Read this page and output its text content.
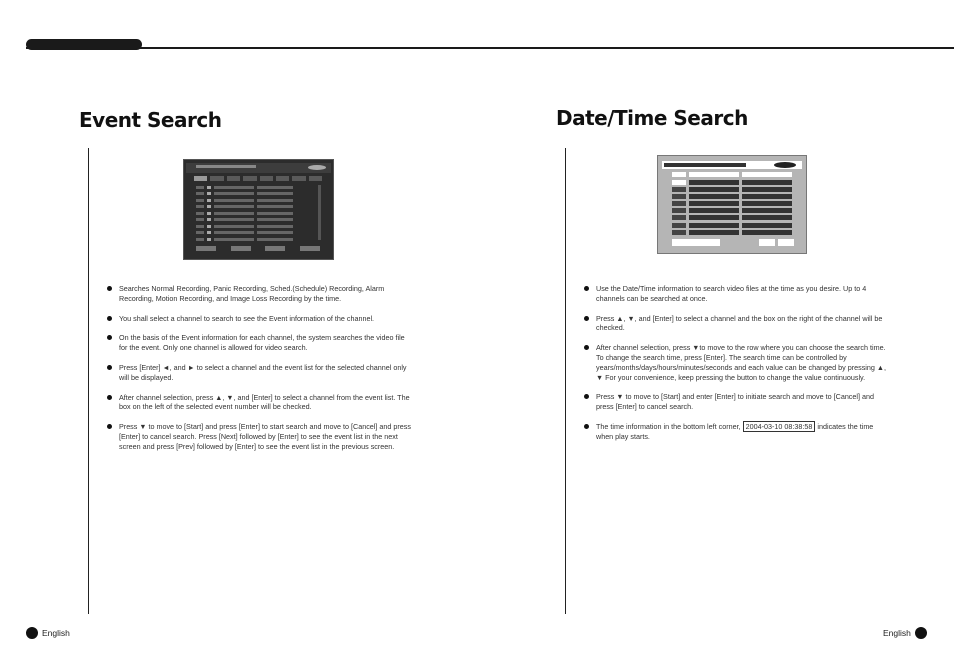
Event Search
Searches Normal Recording, Panic Recording, Sched.(Schedule) Recording, Alarm Recording, Motion Recording, and Image Loss Recording by the time.
You shall select a channel to search to see the Event information of the channel.
On the basis of the Event information for each channel, the system searches the video file for the event. Only one channel is allowed for video search.
Press [Enter] ◄, and ► to select a channel and the event list for the selected channel only will be displayed.
After channel selection, press ▲, ▼, and [Enter] to select a channel from the event list. The box on the left of the selected event number will be checked.
Press ▼ to move to [Start] and press [Enter] to start search and move to [Cancel] and press [Enter] to cancel search. Press [Next] followed by [Enter] to see the event list in the next screen and press [Prev] followed by [Enter] to see the event list in the previous screen.
English
Date/Time Search
Use the Date/Time information to search video files at the time as you desire. Up to 4 channels can be searched at once.
Press ▲, ▼, and [Enter] to select a channel and the box on the right of the channel will be checked.
After channel selection, press ▼to move to the row where you can choose the search time. To change the search time, press [Enter]. The search time can be controlled by years/months/days/hours/minutes/seconds and each value can be changed by pressing ▲, ▼ For your convenience, keep pressing the button to change the value continuously.
Press ▼ to move to [Start] and enter [Enter] to initiate search and move to [Cancel] and press [Enter] to cancel search.
The time information in the bottom left corner, 2004-03-10 08:38:58 indicates the time when play starts.
English
